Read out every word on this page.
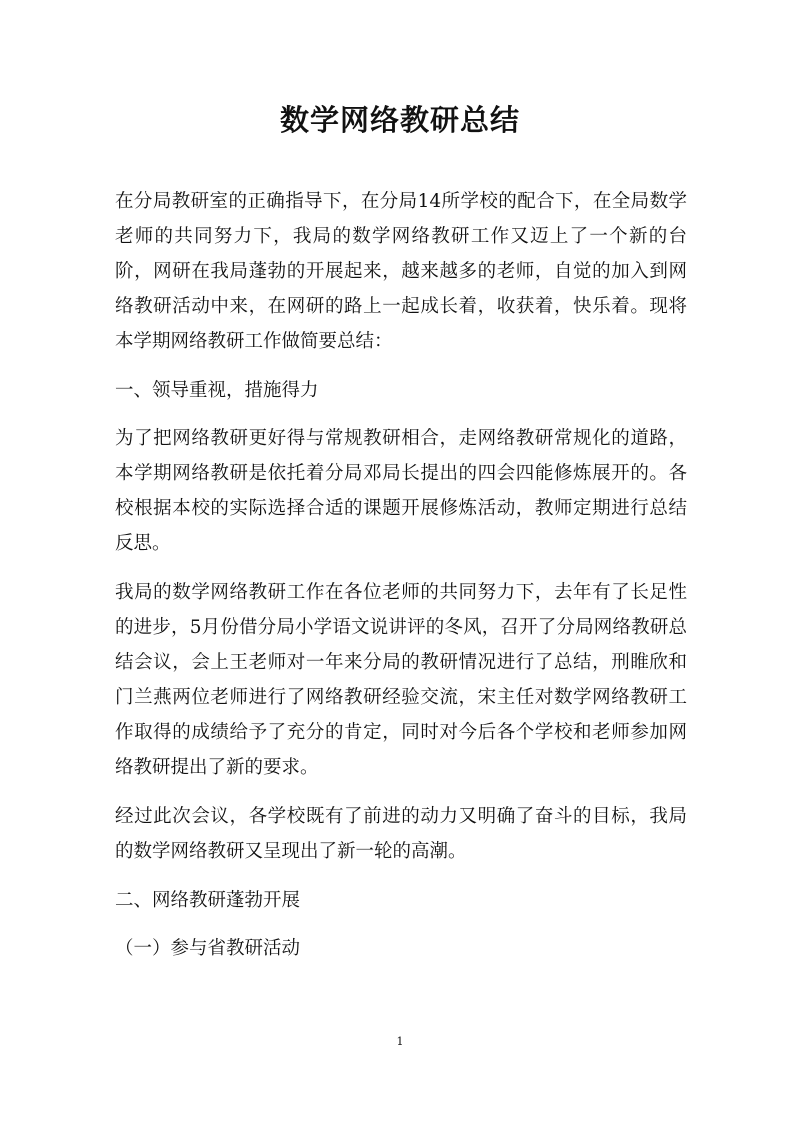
数学网络教研总结

在分局教研室的正确指导下，在分局14所学校的配合下，在全局数学老师的共同努力下，我局的数学网络教研工作又迈上了一个新的台阶，网研在我局蓬勃的开展起来，越来越多的老师，自觉的加入到网络教研活动中来，在网研的路上一起成长着，收获着，快乐着。现将本学期网络教研工作做简要总结：

一、领导重视，措施得力

为了把网络教研更好得与常规教研相合，走网络教研常规化的道路，本学期网络教研是依托着分局邓局长提出的四会四能修炼展开的。各校根据本校的实际选择合适的课题开展修炼活动，教师定期进行总结反思。

我局的数学网络教研工作在各位老师的共同努力下，去年有了长足性的进步，5月份借分局小学语文说讲评的冬风，召开了分局网络教研总结会议，会上王老师对一年来分局的教研情况进行了总结，刑睢欣和门兰燕两位老师进行了网络教研经验交流，宋主任对数学网络教研工作取得的成绩给予了充分的肯定，同时对今后各个学校和老师参加网络教研提出了新的要求。

经过此次会议，各学校既有了前进的动力又明确了奋斗的目标，我局的数学网络教研又呈现出了新一轮的高潮。

二、网络教研蓬勃开展

（一）参与省教研活动

1
